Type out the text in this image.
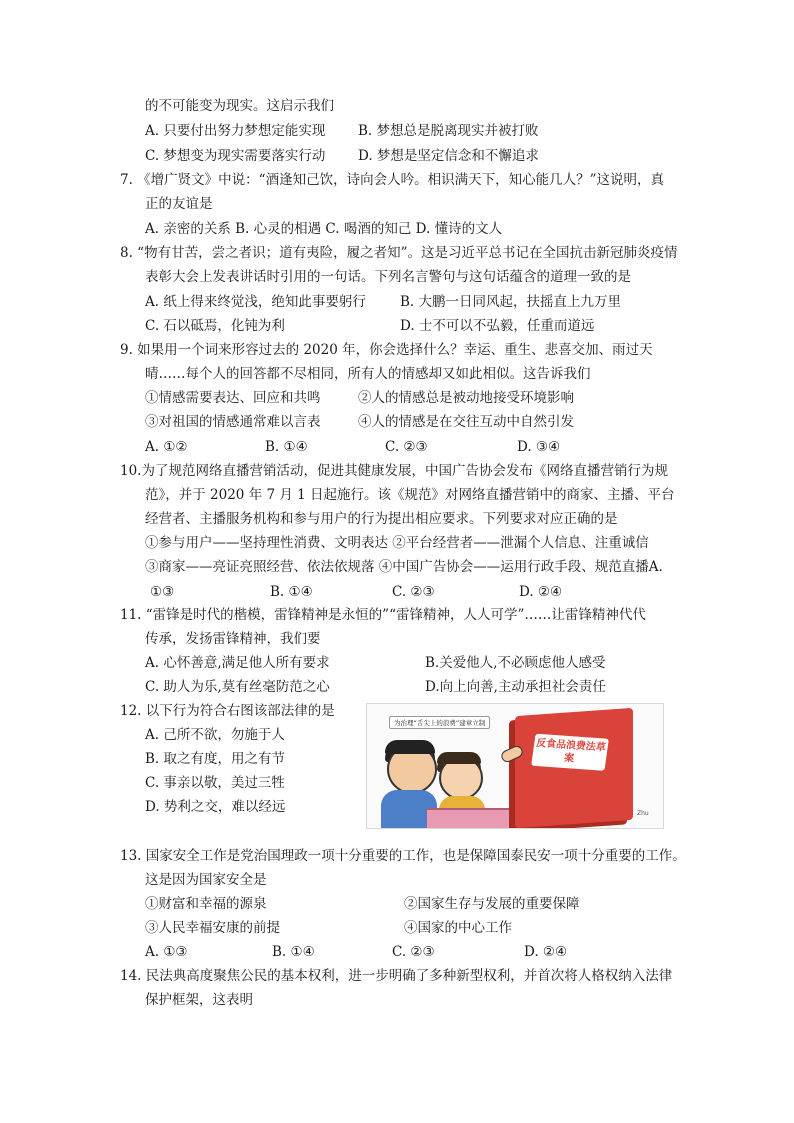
的不可能变为现实。这启示我们
A. 只要付出努力梦想定能实现 B. 梦想总是脱离现实并被打败
C. 梦想变为现实需要落实行动 D. 梦想是坚定信念和不懈追求
7. 《增广贤文》中说：“酒逢知己饮，诗向会人吟。相识满天下，知心能几人？”这说明，真
正的友谊是
A. 亲密的关系 B. 心灵的相遇 C. 喝酒的知己 D. 懂诗的文人
8. “物有甘苦，尝之者识；道有夷险，履之者知”。这是习近平总书记在全国抗击新冠肺炎疫情
表彰大会上发表讲话时引用的一句话。下列名言警句与这句话蕴含的道理一致的是
A. 纸上得来终觉浅，绝知此事要躬行	B. 大鹏一日同风起，扶摇直上九万里
C. 石以砥焉，化钝为利	D. 士不可以不弘毅，任重而道远
9. 如果用一个词来形容过去的 2020 年，你会选择什么？幸运、重生、悲喜交加、雨过天
晴……每个人的回答都不尽相同，所有人的情感却又如此相似。这告诉我们
①情感需要表达、回应和共鸣	②人的情感总是被动地接受环境影响
③对祖国的情感通常难以言表	④人的情感是在交往互动中自然引发
A. ①②	B. ①④	C. ②③	D. ③④
10.为了规范网络直播营销活动，促进其健康发展，中国广告协会发布《网络直播营销行为规
范》，并于 2020 年 7 月 1 日起施行。该《规范》对网络直播营销中的商家、主播、平台
经营者、主播服务机构和参与用户的行为提出相应要求。下列要求对应正确的是
①参与用户——坚持理性消费、文明表达 ②平台经营者——泄漏个人信息、注重诚信
③商家——亮证亮照经营、依法依规落 ④中国广告协会——运用行政手段、规范直播A.
①③	B. ①④	C. ②③	D. ②④
11. “雷锋是时代的楷模，雷锋精神是永恒的”“雷锋精神，人人可学”……让雷锋精神代代
传承，发扬雷锋精神，我们要
A. 心怀善意,满足他人所有要求	B.关爱他人,不必顾虑他人感受
C. 助人为乐,莫有丝毫防范之心	D.向上向善,主动承担社会责任
12. 以下行为符合右图该部法律的是
A. 己所不欲，勿施于人
B. 取之有度，用之有节
C. 事亲以敬，美过三牲
D. 势利之交，难以经远
为治理“舌尖上的浪费”建章立制
反食品浪费法草案
Zhu
13. 国家安全工作是党治国理政一项十分重要的工作，也是保障国泰民安一项十分重要的工作。
这是因为国家安全是
①财富和幸福的源泉	②国家生存与发展的重要保障
③人民幸福安康的前提	④国家的中心工作
A. ①③	B. ①④	C. ②③	D. ②④
14. 民法典高度聚焦公民的基本权利，进一步明确了多种新型权利，并首次将人格权纳入法律
保护框架，这表明
